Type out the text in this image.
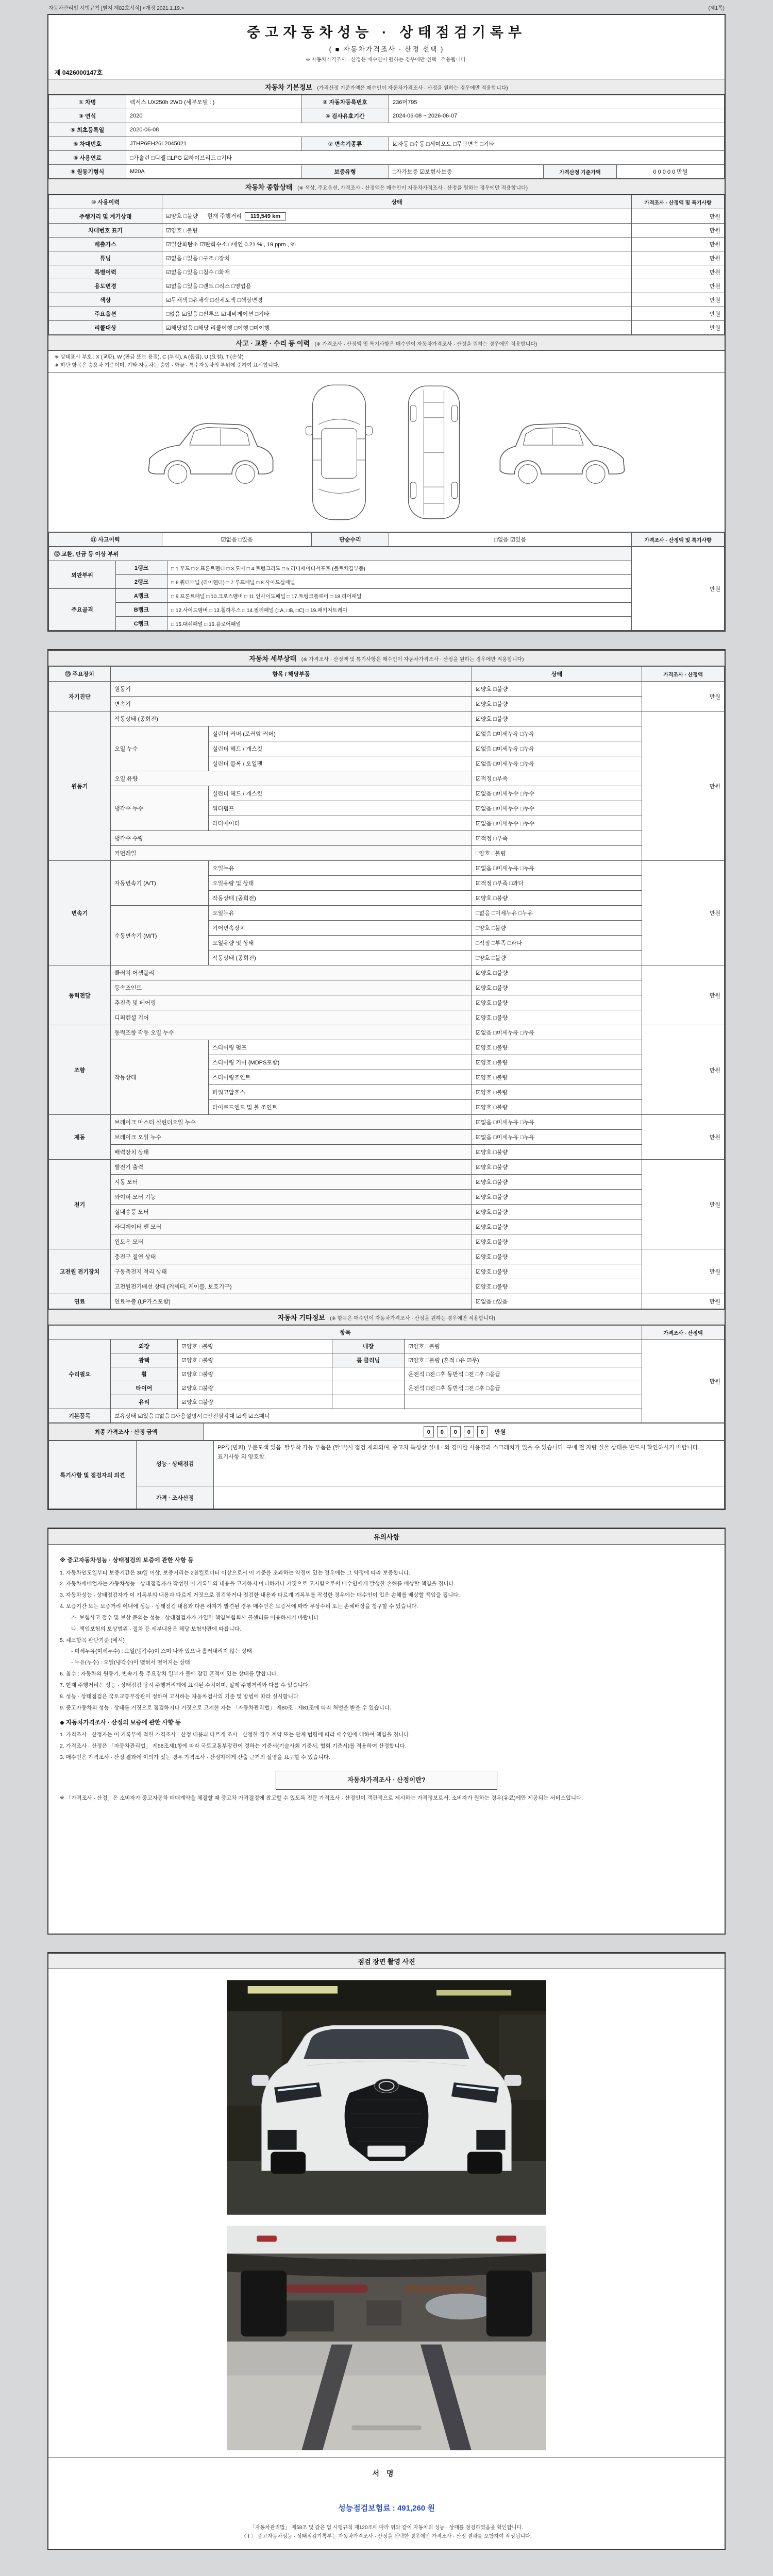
자동차관리법 시행규칙 [별지 제82호서식] <개정 2021.1.19.>	(제1쪽)
중고자동차성능 · 상태점검기록부
( ■ 자동차가격조사 · 산정 선택 )
※ 자동차가격조사 · 산정은 매수인이 원하는 경우에만 선택 · 적용됩니다.
제 0426000147호
자동차 기본정보 (가격산정 기준가액은 매수인이 자동차가격조사 · 산정을 원하는 경우에만 적용합니다)
① 차명	렉서스 UX250h 2WD (세부모델 : )	② 자동차등록번호	236머795		
③ 연식	2020	④ 검사유효기간	2024-06-08 ~ 2026-06-07		
⑤ 최초등록일	2020-06-08				
⑥ 차대번호	JTHP6EH26L2045021	⑦ 변속기종류	☑자동 □수동 □세미오토 □무단변속 □기타		
⑧ 사용연료	□가솔린 □디젤 □LPG ☑하이브리드 □기타				
⑨ 원동기형식	M20A	보증유형	□자가보증 ☑보험사보증	가격산정 기준가액	0 0 0 0 0 만원
자동차 종합상태 (※ 색상, 주요옵션, 가격조사 · 산정액은 매수인이 자동차가격조사 · 산정을 원하는 경우에만 적용합니다)
⑩ 사용이력	상태	가격조사 · 산정액 및 특기사항
주행거리 및 계기상태	☑양호 □불량 현재 주행거리 119,549 km	만원
차대번호 표기	☑양호 □불량	만원
배출가스	☑일산화탄소 ☑탄화수소 □매연 0.21 % , 19 ppm , %	만원
튜닝	☑없음 □있음 □구조 □장치	만원
특별이력	☑없음 □있음 □침수 □화재	만원
용도변경	☑없음 □있음 □렌트 □리스 □영업용	만원
색상	☑무채색 □유채색 □전체도색 □색상변경	만원
주요옵션	□없음 ☑있음 □썬루프 ☑네비게이션 □기타	만원
리콜대상	☑해당없음 □해당 리콜이행 □이행 □미이행	만원
사고 · 교환 · 수리 등 이력 (※ 가격조사 · 산정액 및 특기사항은 매수인이 자동차가격조사 · 산정을 원하는 경우에만 적용합니다)
※ 상태표시 부호 : X (교환), W (판금 또는 용접), C (부식), A (흠집), U (요철), T (손상)
※ 하단 항목은 승용차 기준이며, 기타 자동차는 승합 · 화물 · 특수자동차의 부위에 준하여 표시합니다.
⑪ 사고이력	☑없음 □있음	단순수리	□없음 ☑있음	가격조사 · 산정액 및 특기사항
⑫ 교환, 판금 등 이상 부위			만원
외판부위	1랭크	□ 1.후드 □ 2.프론트펜더 □ 3.도어 □ 4.트렁크리드 □ 5.라디에이터서포트 (볼트체결부품)	
	2랭크	□ 6.쿼터패널 (리어펜더) □ 7.루프패널 □ 8.사이드실패널	
주요골격	A랭크	□ 9.프론트패널 □ 10.크로스멤버 □ 11.인사이드패널 □ 17.트렁크플로어 □ 18.리어패널	
	B랭크	□ 12.사이드멤버 □ 13.휠하우스 □ 14.필러패널 (□A, □B, □C) □ 19.패키지트레이	
	C랭크	□ 15.대쉬패널 □ 16.플로어패널	
자동차 세부상태 (※ 가격조사 · 산정액 및 특기사항은 매수인이 자동차가격조사 · 산정을 원하는 경우에만 적용합니다)
⑬ 주요장치	항목 / 해당부품		상태	가격조사 · 산정액
자기진단	원동기		☑양호 □불량	만원
	변속기		☑양호 □불량	
원동기	작동상태 (공회전)		☑양호 □불량	만원
	오일 누수	실린더 커버 (로커암 커버)	☑없음 □미세누유 □누유	
		실린더 헤드 / 개스킷	☑없음 □미세누유 □누유	
		실린더 블록 / 오일팬	☑없음 □미세누유 □누유	
	오일 유량		☑적정 □부족	
	냉각수 누수	실린더 헤드 / 개스킷	☑없음 □미세누수 □누수	
		워터펌프	☑없음 □미세누수 □누수	
		라디에이터	☑없음 □미세누수 □누수	
	냉각수 수량		☑적정 □부족	
	커먼레일		□양호 □불량	
변속기	자동변속기 (A/T)	오일누유	☑없음 □미세누유 □누유	만원
		오일유량 및 상태	☑적정 □부족 □과다	
		작동상태 (공회전)	☑양호 □불량	
	수동변속기 (M/T)	오일누유	□없음 □미세누유 □누유	
		기어변속장치	□양호 □불량	
		오일유량 및 상태	□적정 □부족 □과다	
		작동상태 (공회전)	□양호 □불량	
동력전달	클러치 어셈블리		☑양호 □불량	만원
	등속조인트		☑양호 □불량	
	추진축 및 베어링		☑양호 □불량	
	디퍼렌셜 기어		☑양호 □불량	
조향	동력조향 작동 오일 누수		☑없음 □미세누유 □누유	만원
	작동상태	스티어링 펌프	☑양호 □불량	
		스티어링 기어 (MDPS포함)	☑양호 □불량	
		스티어링조인트	☑양호 □불량	
		파워고압호스	☑양호 □불량	
		타이로드엔드 및 볼 조인트	☑양호 □불량	
제동	브레이크 마스터 실린더오일 누수		☑없음 □미세누유 □누유	만원
	브레이크 오일 누수		☑없음 □미세누유 □누유	
	배력장치 상태		☑양호 □불량	
전기	발전기 출력		☑양호 □불량	만원
	시동 모터		☑양호 □불량	
	와이퍼 모터 기능		☑양호 □불량	
	실내송풍 모터		☑양호 □불량	
	라디에이터 팬 모터		☑양호 □불량	
	윈도우 모터		☑양호 □불량	
고전원 전기장치	충전구 절연 상태		☑양호 □불량	만원
	구동축전지 격리 상태		☑양호 □불량	
	고전원전기배선 상태 (커넥터, 케이블, 보호기구)		☑양호 □불량	
연료	연료누출 (LP가스포함)		☑없음 □있음	만원
자동차 기타정보 (※ 항목은 매수인이 자동차가격조사 · 산정을 원하는 경우에만 적용합니다)
항목					가격조사 · 산정액
수리필요	외장	☑양호 □불량	내장	☑양호 □불량	만원
	광택	☑양호 □불량	룸 클리닝	☑양호 □불량 (흔적 □유 ☑무)	
	휠	☑양호 □불량		운전석 □전 □후 동반석 □전 □후 □응급	
	타이어	☑양호 □불량		운전석 □전 □후 동반석 □전 □후 □응급	
	유리	☑양호 □불량			
기본품목	보유상태 ☑있음 □없음 □사용설명서 □안전삼각대 ☑잭 ☑스패너				
최종 가격조사 · 산정 금액	0 0 0 0 0 만원
특기사항 및 점검자의 의견	성능 · 상태점검	PP류(범퍼) 부분도색 있음. 탈부착 가능 부품은 (탈부)시 점검 제외되며, 중고차 특성상 실내 · 외 경미한 사용감과 스크래치가 있을 수 있습니다. 구매 전 차량 실물 상태를 반드시 확인하시기 바랍니다. 표기사항 외 양호함.
	가격 · 조사산정	
유의사항
※ 중고자동차성능 · 상태점검의 보증에 관한 사항 등
1. 자동차인도일부터 보증기간은 30일 이상, 보증거리는 2천킬로미터 이상으로서 이 기준을 초과하는 약정이 있는 경우에는 그 약정에 따라 보증합니다.
2. 자동차매매업자는 자동차성능 · 상태점검자가 작성한 이 기록부의 내용을 고지하지 아니하거나 거짓으로 고지함으로써 매수인에게 발생한 손해를 배상할 책임을 집니다.
3. 자동차성능 · 상태점검자가 이 기록부의 내용과 다르게 거짓으로 점검하거나 점검한 내용과 다르게 기록부를 작성한 경우에는 매수인이 입은 손해를 배상할 책임을 집니다.
4. 보증기간 또는 보증거리 이내에 성능 · 상태점검 내용과 다른 하자가 발견된 경우 매수인은 보증서에 따라 무상수리 또는 손해배상을 청구할 수 있습니다.
가. 보험사고 접수 및 보상 문의는 성능 · 상태점검자가 가입한 책임보험회사 콜센터를 이용하시기 바랍니다.
나. 책임보험의 보상범위 · 절차 등 세부내용은 해당 보험약관에 따릅니다.
5. 체크항목 판단기준 (예시)
- 미세누유(미세누수) : 오일(냉각수)이 스며 나와 있으나 흘러내리지 않는 상태
- 누유(누수) : 오일(냉각수)이 맺혀서 떨어지는 상태
6. 침수 : 자동차의 원동기, 변속기 등 주요장치 일부가 물에 잠긴 흔적이 있는 상태를 말합니다.
7. 현재 주행거리는 성능 · 상태점검 당시 주행거리계에 표시된 수치이며, 실제 주행거리와 다를 수 있습니다.
8. 성능 · 상태점검은 국토교통부장관이 정하여 고시하는 자동차검사의 기준 및 방법에 따라 실시합니다.
9. 중고자동차의 성능 · 상태를 거짓으로 점검하거나 거짓으로 고지한 자는 「자동차관리법」 제80조 · 제81조에 따라 처벌을 받을 수 있습니다.
◆ 자동차가격조사 · 산정의 보증에 관한 사항 등
1. 가격조사 · 산정자는 이 기록부에 적힌 가격조사 · 산정 내용과 다르게 조사 · 산정한 경우 계약 또는 관계 법령에 따라 매수인에 대하여 책임을 집니다.
2. 가격조사 · 산정은 「자동차관리법」 제58조제1항에 따라 국토교통부장관이 정하는 기준서(기술사회 기준서, 협회 기준서)를 적용하여 산정합니다.
3. 매수인은 가격조사 · 산정 결과에 이의가 있는 경우 가격조사 · 산정자에게 산출 근거의 설명을 요구할 수 있습니다.
자동차가격조사 · 산정이란?
※ 「가격조사 · 산정」은 소비자가 중고자동차 매매계약을 체결할 때 중고차 가격결정에 참고할 수 있도록 전문 가격조사 · 산정인이 객관적으로 제시하는 가격정보로서, 소비자가 원하는 경우(유료)에만 제공되는 서비스입니다.
점검 장면 촬영 사진
서명
성능점검보험료 : 491,260 원
「자동차관리법」 제58조 및 같은 법 시행규칙 제120조에 따라 위와 같이 자동차의 성능 · 상태를 점검하였음을 확인합니다.
〈 Ⅰ 〉 중고자동차성능 · 상태점검기록부는 자동차가격조사 · 산정을 선택한 경우에만 가격조사 · 산정 결과를 포함하여 작성됩니다.
